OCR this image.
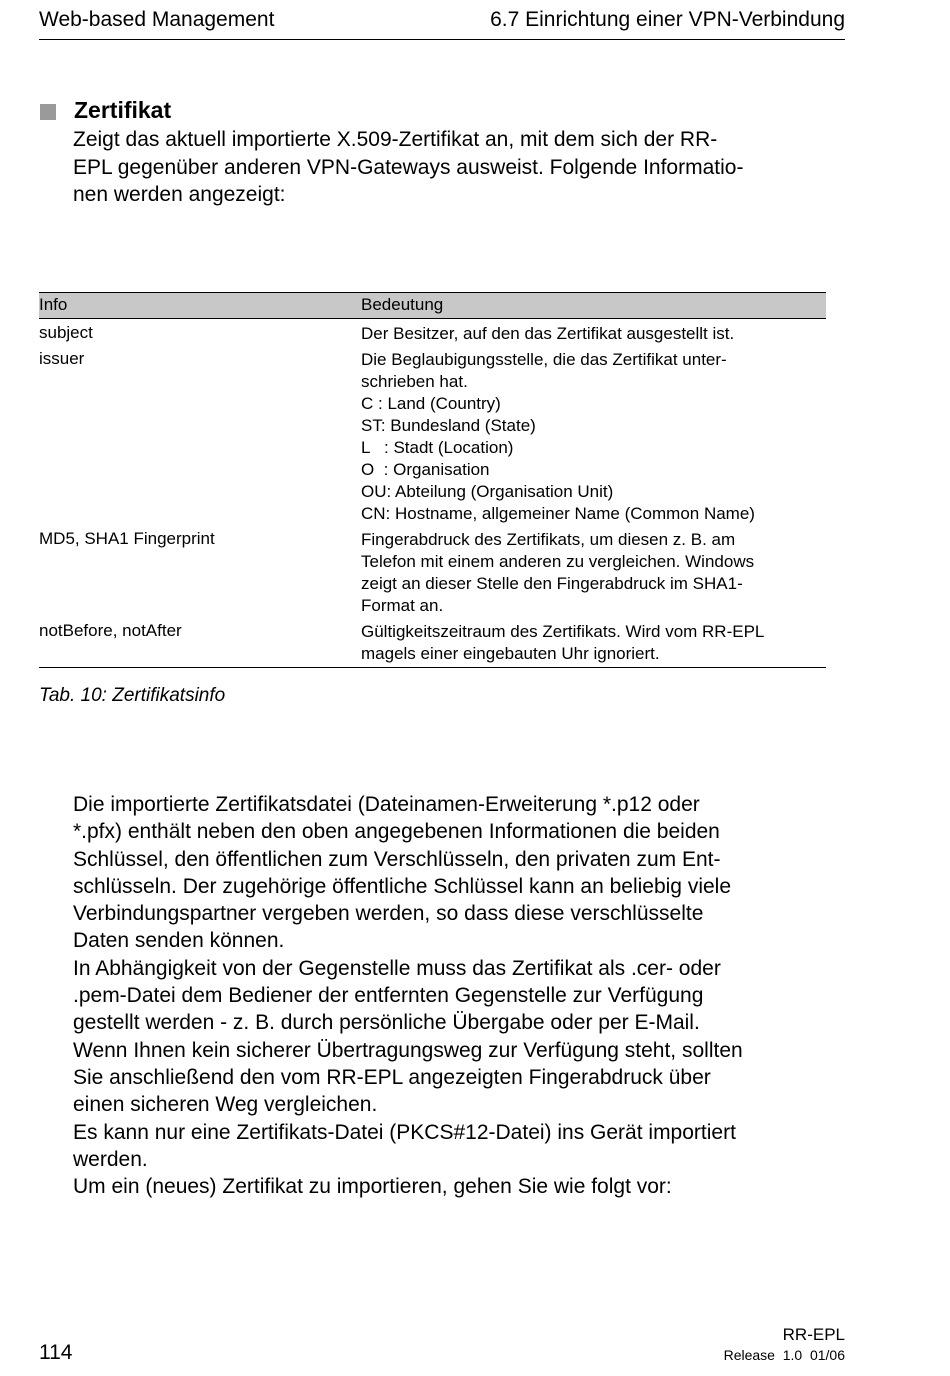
Web-based Management	6.7 Einrichtung einer VPN-Verbindung
Zertifikat
Zeigt das aktuell importierte X.509-Zertifikat an, mit dem sich der RR-
EPL gegenüber anderen VPN-Gateways ausweist. Folgende Informatio-
nen werden angezeigt:
Info	Bedeutung
subject	Der Besitzer, auf den das Zertifikat ausgestellt ist.
issuer	Die Beglaubigungsstelle, die das Zertifikat unter-
schrieben hat.
C : Land (Country)
ST: Bundesland (State)
L   : Stadt (Location)
O  : Organisation
OU: Abteilung (Organisation Unit)
CN: Hostname, allgemeiner Name (Common Name)
MD5, SHA1 Fingerprint	Fingerabdruck des Zertifikats, um diesen z. B. am
Telefon mit einem anderen zu vergleichen. Windows
zeigt an dieser Stelle den Fingerabdruck im SHA1-
Format an.
notBefore, notAfter	Gültigkeitszeitraum des Zertifikats. Wird vom RR-EPL
magels einer eingebauten Uhr ignoriert.
Tab. 10: Zertifikatsinfo
Die importierte Zertifikatsdatei (Dateinamen-Erweiterung *.p12 oder
*.pfx) enthält neben den oben angegebenen Informationen die beiden
Schlüssel, den öffentlichen zum Verschlüsseln, den privaten zum Ent-
schlüsseln. Der zugehörige öffentliche Schlüssel kann an beliebig viele
Verbindungspartner vergeben werden, so dass diese verschlüsselte
Daten senden können.
In Abhängigkeit von der Gegenstelle muss das Zertifikat als .cer- oder
.pem-Datei dem Bediener der entfernten Gegenstelle zur Verfügung
gestellt werden - z. B. durch persönliche Übergabe oder per E-Mail.
Wenn Ihnen kein sicherer Übertragungsweg zur Verfügung steht, sollten
Sie anschließend den vom RR-EPL angezeigten Fingerabdruck über
einen sicheren Weg vergleichen.
Es kann nur eine Zertifikats-Datei (PKCS#12-Datei) ins Gerät importiert
werden.
Um ein (neues) Zertifikat zu importieren, gehen Sie wie folgt vor:
114
RR-EPL
Release  1.0  01/06
